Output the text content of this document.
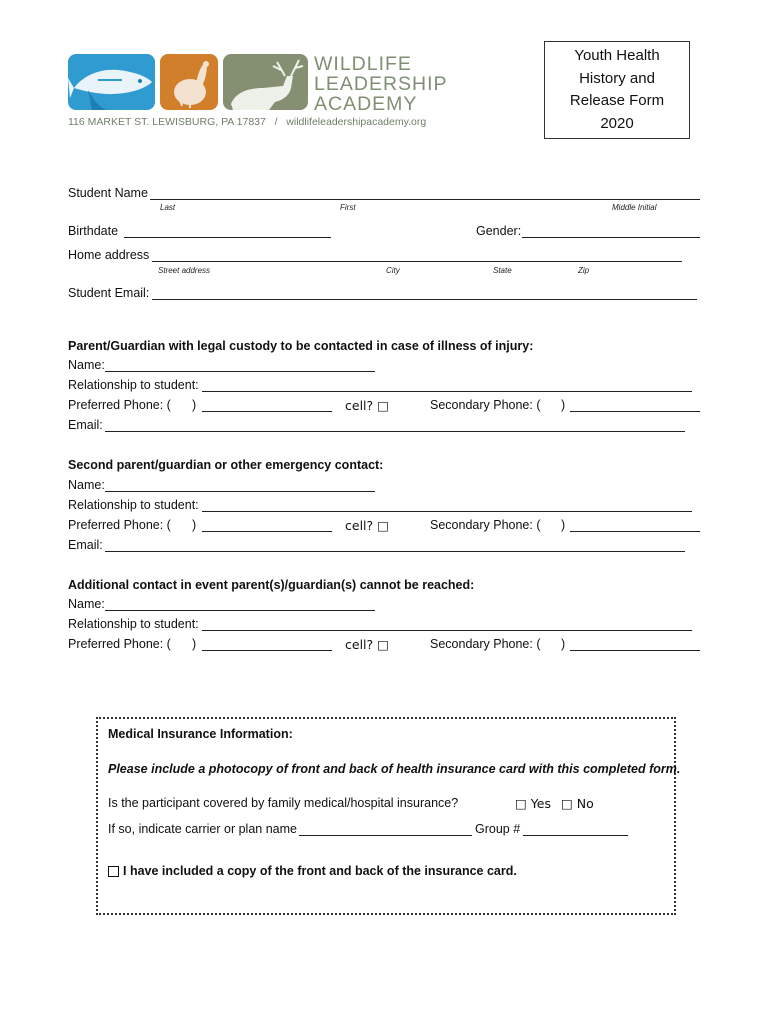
WILDLIFE
LEADERSHIP
ACADEMY
116 MARKET ST. LEWISBURG, PA 17837 / wildlifeleadershipacademy.org
Youth Health
History and
Release Form
2020
Student Name
Last	First	Middle Initial
Birthdate	Gender:
Home address
Street address	City	State	Zip
Student Email:
Parent/Guardian with legal custody to be contacted in case of illness of injury:
Name:
Relationship to student:
Preferred Phone: ( )	cell? □	Secondary Phone: ( )
Email:
Second parent/guardian or other emergency contact:
Name:
Relationship to student:
Preferred Phone: ( )	cell? □	Secondary Phone: ( )
Email:
Additional contact in event parent(s)/guardian(s) cannot be reached:
Name:
Relationship to student:
Preferred Phone: ( )	cell? □	Secondary Phone: ( )
Medical Insurance Information:
Please include a photocopy of front and back of health insurance card with this completed form.
Is the participant covered by family medical/hospital insurance?	□ Yes □ No
If so, indicate carrier or plan name	Group #
I have included a copy of the front and back of the insurance card.
